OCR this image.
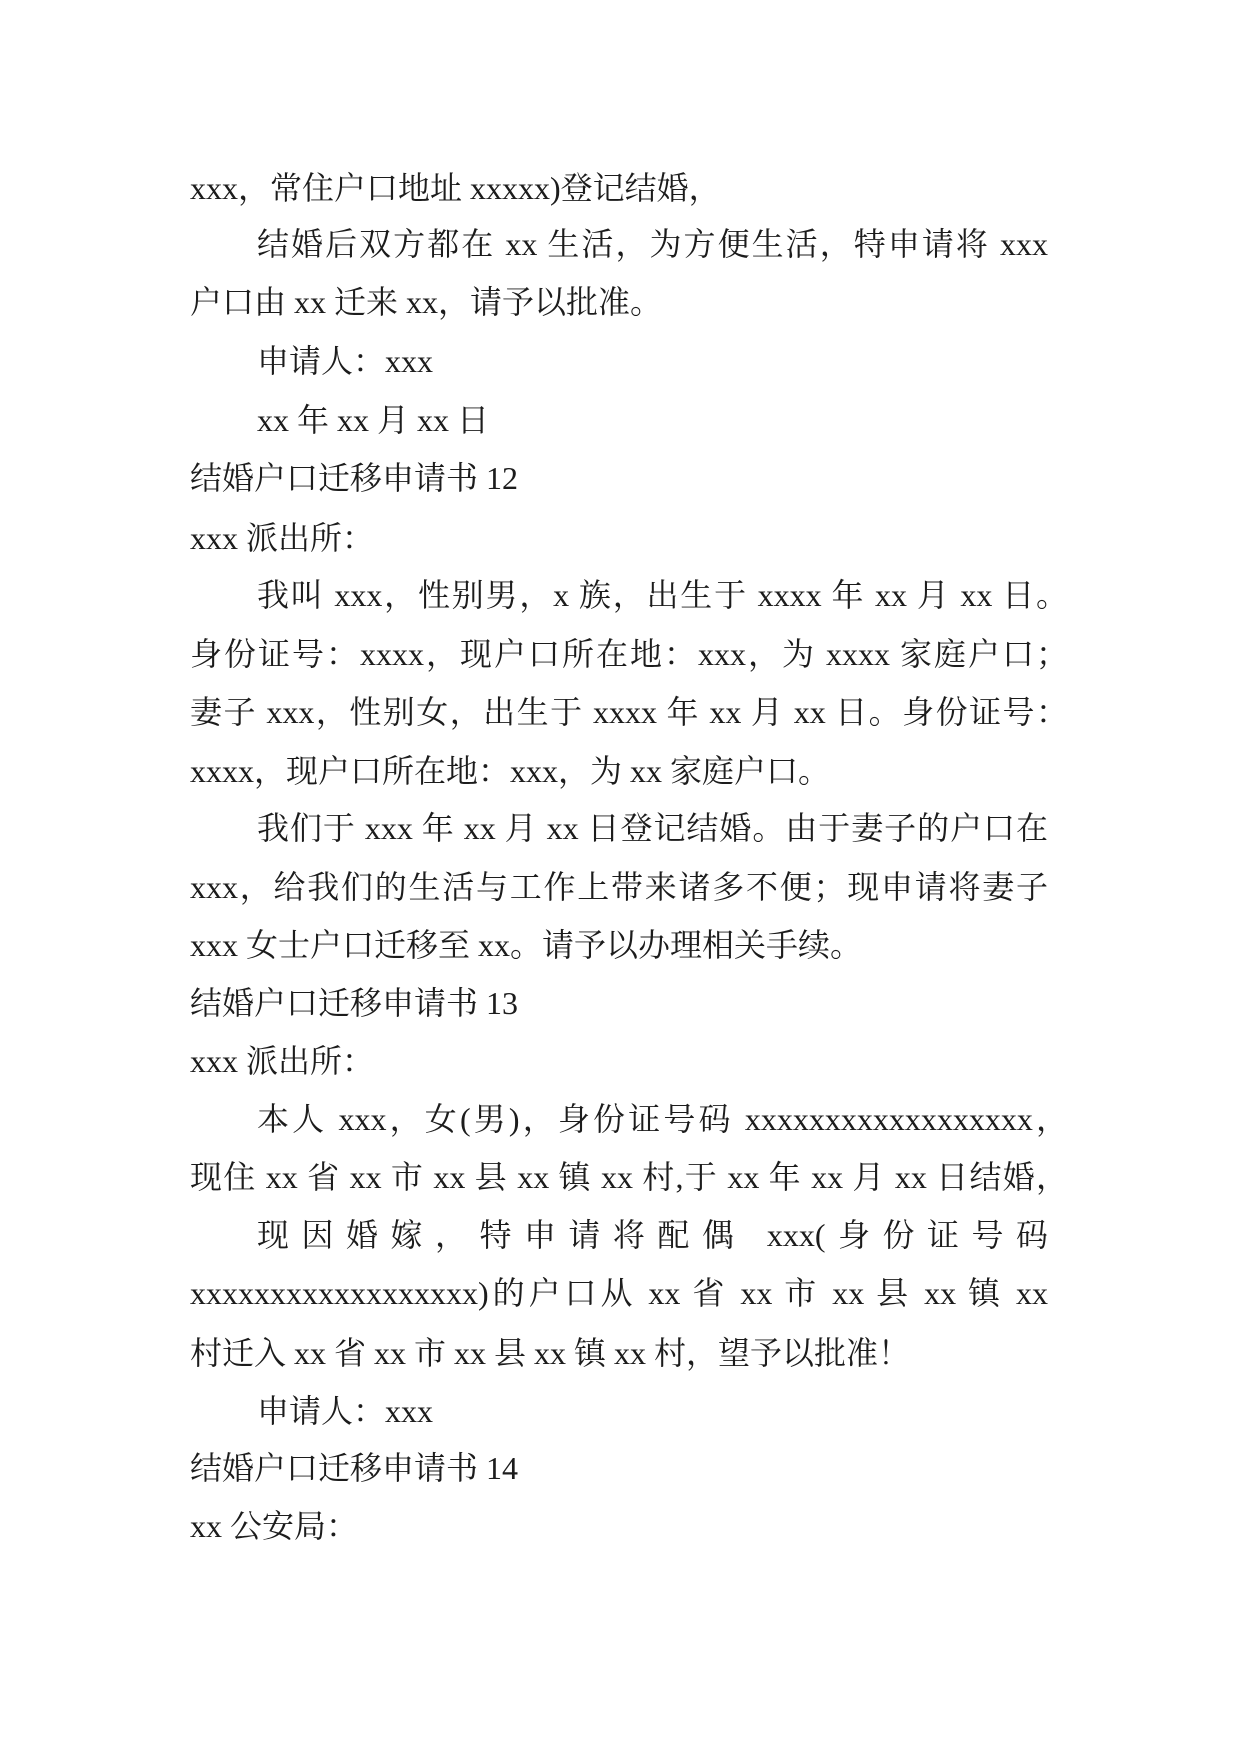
xxx，常住户口地址 xxxxx)登记结婚，
结婚后双方都在 xx 生活，为方便生活，特申请将 xxx
户口由 xx 迁来 xx，请予以批准。
申请人：xxx
xx 年 xx 月 xx 日
结婚户口迁移申请书 12
xxx 派出所：
我叫 xxx，性别男，x 族，出生于 xxxx 年 xx 月 xx 日。
身份证号：xxxx，现户口所在地：xxx，为 xxxx 家庭户口；
妻子 xxx，性别女，出生于 xxxx 年 xx 月 xx 日。身份证号：
xxxx，现户口所在地：xxx，为 xx 家庭户口。
我们于 xxx 年 xx 月 xx 日登记结婚。由于妻子的户口在
xxx，给我们的生活与工作上带来诸多不便；现申请将妻子
xxx 女士户口迁移至 xx。请予以办理相关手续。
结婚户口迁移申请书 13
xxx 派出所：
本人 xxx，女(男)，身份证号码 xxxxxxxxxxxxxxxxxx，
现住 xx 省 xx 市 xx 县 xx 镇 xx 村,于 xx 年 xx 月 xx 日结婚，
现因婚嫁，特申请将配偶 xxx(身份证号码
xxxxxxxxxxxxxxxxxx)的户口从 xx 省 xx 市 xx 县 xx 镇 xx
村迁入 xx 省 xx 市 xx 县 xx 镇 xx 村，望予以批准！
申请人：xxx
结婚户口迁移申请书 14
xx 公安局：
